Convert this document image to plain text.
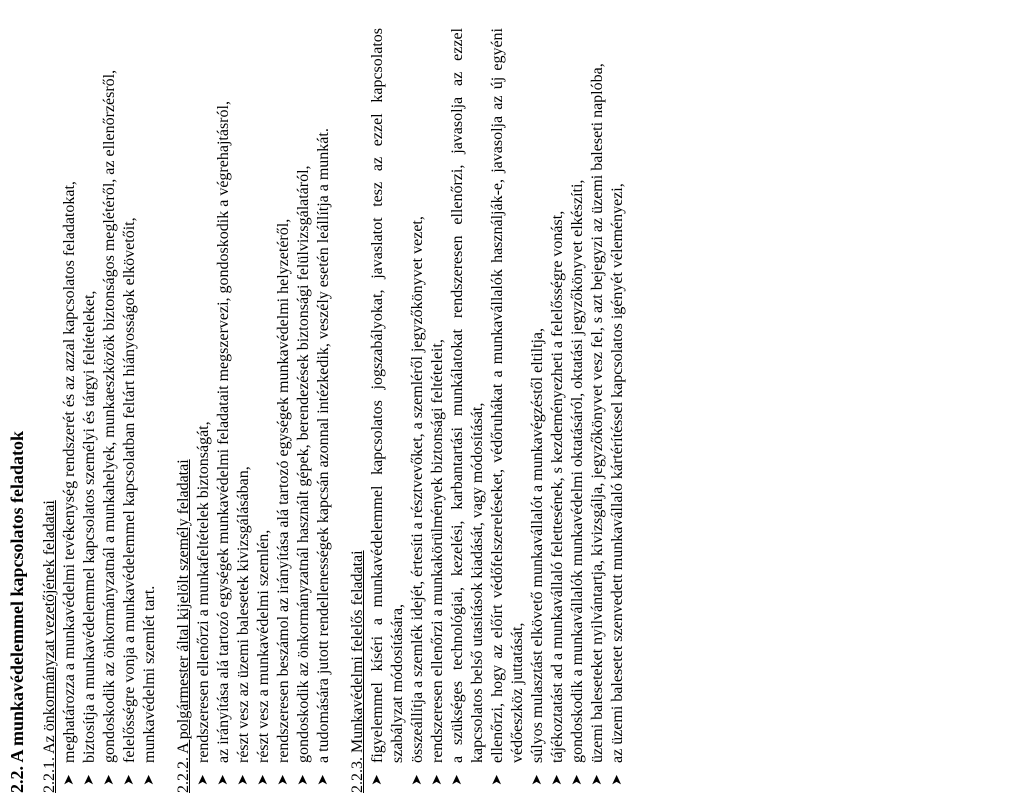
2.2. A munkavédelemmel kapcsolatos feladatok 2.2.1. Az önkormányzat vezetőjének feladatai ➤
meghatározza a munkavédelmi tevékenység rendszerét és az azzal kapcsolatos feladatokat,
➤
biztosítja a munkavédelemmel kapcsolatos személyi és tárgyi feltételeket,
➤
gondoskodik az önkormányzatnál a munkahelyek, munkaeszközök biztonságos meglétéről, az ellenőrzésről,
➤
felelősségre vonja a munkavédelemmel kapcsolatban feltárt hiányosságok elkövetőit,
➤
munkavédelmi szemlét tart. 2.2.2. A polgármester által kijelölt személy feladatai ➤
rendszeresen ellenőrzi a munkafeltételek biztonságát,
➤
az irányítása alá tartozó egységek munkavédelmi feladatait megszervezi, gondoskodik a végrehajtásról,
➤
részt vesz az üzemi balesetek kivizsgálásában,
➤
részt vesz a munkavédelmi szemlén,
➤
rendszeresen beszámol az irányítása alá tartozó egységek munkavédelmi helyzetéről,
➤
gondoskodik az önkormányzatnál használt gépek, berendezések biztonsági felülvizsgálatáról,
➤
a tudomására jutott rendellenességek kapcsán azonnal intézkedik, veszély esetén leállítja a munkát. 2.2.3. Munkavédelmi felelős feladatai ➤
figyelemmel kíséri a munkavédelemmel kapcsolatos jogszabályokat, javaslatot tesz az ezzel kapcsolatos szabályzat módosítására,
➤
összeállítja a szemlék idejét, értesíti a résztvevőket, a szemléről jegyzőkönyvet vezet,
➤
rendszeresen ellenőrzi a munkakörülmények biztonsági feltételeit,
➤
a szükséges technológiai, kezelési, karbantartási munkálatokat rendszeresen ellenőrzi, javasolja az ezzel kapcsolatos belső utasítások kiadását, vagy módosítását,
➤
ellenőrzi, hogy az előírt védőfelszereléseket, védőruhákat a munkavállalók használják-e, javasolja az új egyéni védőeszköz juttatását,
➤
súlyos mulasztást elkövető munkavállalót a munkavégzéstől eltiltja,
➤
tájékoztatást ad a munkavállaló felettesének, s kezdeményezheti a felelősségre vonást,
➤
gondoskodik a munkavállalók munkavédelmi oktatásáról, oktatási jegyzőkönyvet elkészíti,
➤
üzemi baleseteket nyilvántartja, kivizsgálja, jegyzőkönyvet vesz fel, s azt bejegyzi az üzemi baleseti naplóba,
➤
az üzemi balesetet szenvedett munkavállaló kártérítéssel kapcsolatos igényét véleményezi,
